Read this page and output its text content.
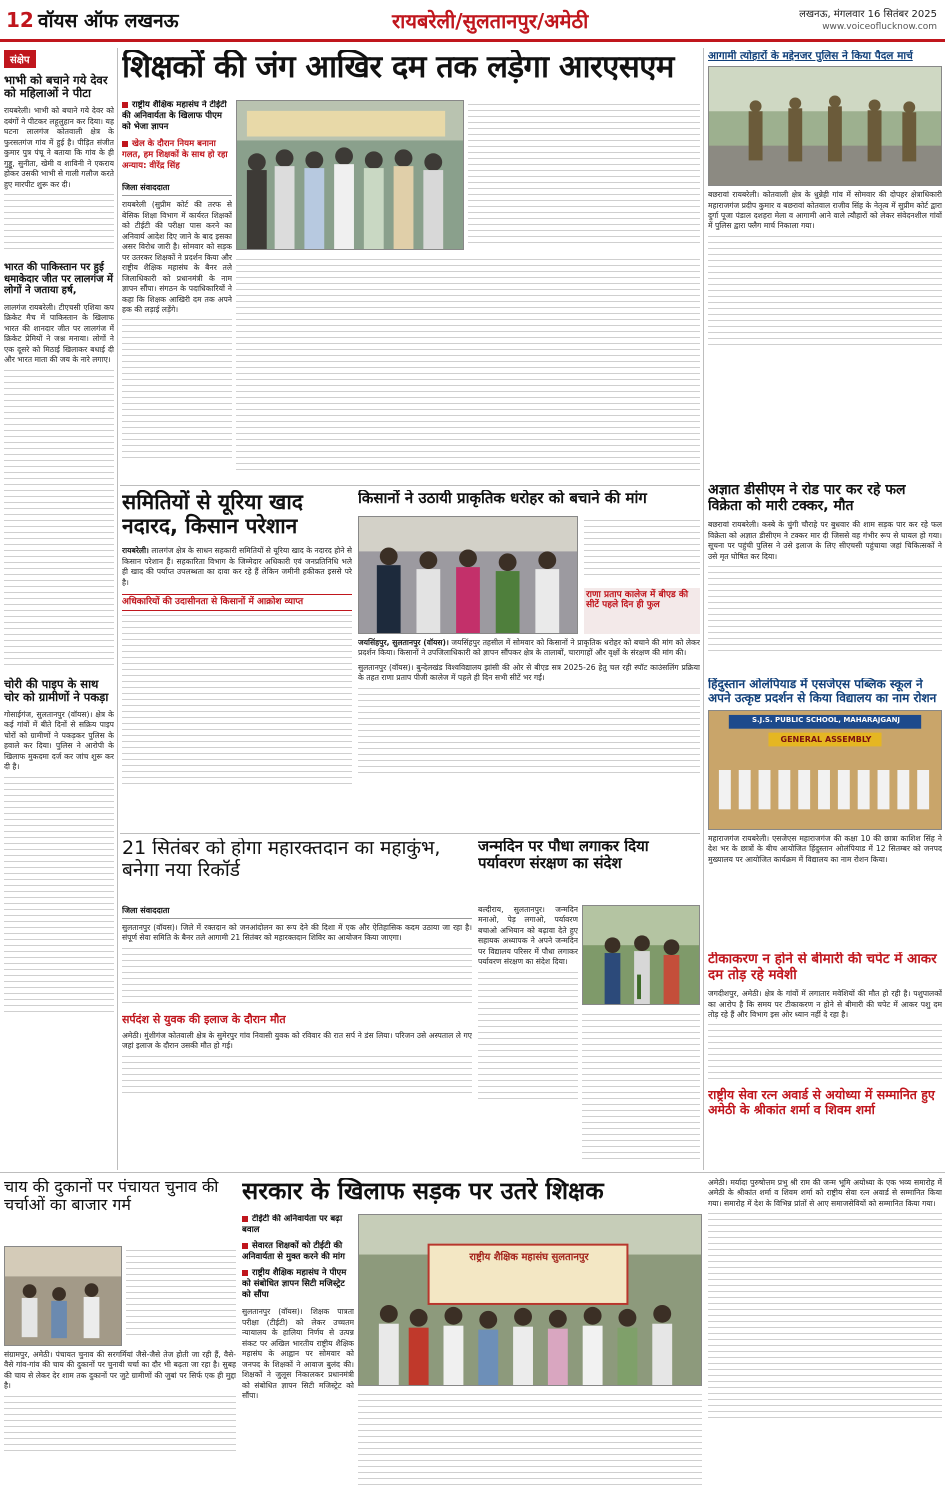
12 वॉयस ऑफ लखनऊ	रायबरेली/सुलतानपुर/अमेठी	लखनऊ, मंगलवार 16 सितंबर 2025
www.voiceoflucknow.com
संक्षेप
भाभी को बचाने गये देवर को महिलाओं ने पीटा
रायबरेली। भाभी को बचाने गये देवर को दबंगों ने पीटकर लहूलुहान कर दिया। यह घटना लालगंज कोतवाली क्षेत्र के फुरसतगंज गांव में हुई है। पीड़ित संजीत कुमार पुत्र पंचू ने बताया कि गांव के ही गुड्डू, सुनीता, खेमी व शाविनी ने एकराय होकर उसकी भाभी से गाली गलौज करते हुए मारपीट शुरू कर दी।
भारत की पाकिस्तान पर हुई धमाकेदार जीत पर लालगंज में लोगों ने जताया हर्ष,
लालगंज रायबरेली। टीएचसी एशिया कप क्रिकेट मैच में पाकिस्तान के खिलाफ भारत की शानदार जीत पर लालगंज में क्रिकेट प्रेमियों ने जश्न मनाया। लोगों ने एक दूसरे को मिठाई खिलाकर बधाई दी और भारत माता की जय के नारे लगाए।
चोरी की पाइप के साथ चोर को ग्रामीणों ने पकड़ा
गोसाईगंज, सुलतानपुर (वॉयस)। क्षेत्र के कई गांवों में बीते दिनों से सक्रिय पाइप चोरों को ग्रामीणों ने पकड़कर पुलिस के हवाले कर दिया। पुलिस ने आरोपी के खिलाफ मुकदमा दर्ज कर जांच शुरू कर दी है।
शिक्षकों की जंग आखिर दम तक लड़ेगा आरएसएम
राष्ट्रीय शैक्षिक महासंघ ने टीईटी की अनिवार्यता के खिलाफ पीएम को भेजा ज्ञापन
खेल के दौरान नियम बनाना गलत, हम शिक्षकों के साथ हो रहा अन्याय: वीरेंद्र सिंह
जिला संवाददाता
रायबरेली (सुप्रीम कोर्ट की तरफ से बेसिक शिक्षा विभाग में कार्यरत शिक्षकों को टीईटी की परीक्षा पास करने का अनिवार्य आदेश दिए जाने के बाद इसका असर विरोध जारी है। सोमवार को सड़क पर उतरकर शिक्षकों ने प्रदर्शन किया और राष्ट्रीय शैक्षिक महासंघ के बैनर तले जिलाधिकारी को प्रधानमंत्री के नाम ज्ञापन सौंपा। संगठन के पदाधिकारियों ने कहा कि शिक्षक आखिरी दम तक अपने हक की लड़ाई लड़ेंगे।
आगामी त्योहारों के मद्देनजर पुलिस ने किया पैदल मार्च
बछरावां रायबरेली। कोतवाली क्षेत्र के धुन्नेही गांव में सोमवार की दोपहर क्षेत्राधिकारी महाराजगंज प्रदीप कुमार व बछरावां कोतवाल राजीव सिंह के नेतृत्व में सुप्रीम कोर्ट द्वारा दुर्गा पूजा पंडाल दशहरा मेला व आगामी आने वाले त्यौहारों को लेकर संवेदनशील गांवों में पुलिस द्वारा फ्लैग मार्च निकाला गया।
अज्ञात डीसीएम ने रोड पार कर रहे फल विक्रेता को मारी टक्कर, मौत
बछरावां रायबरेली। कस्बे के चुंगी चौराहे पर बुधवार की शाम सड़क पार कर रहे फल विक्रेता को अज्ञात डीसीएम ने टक्कर मार दी जिससे वह गंभीर रूप से घायल हो गया। सूचना पर पहुंची पुलिस ने उसे इलाज के लिए सीएचसी पहुंचाया जहां चिकित्सकों ने उसे मृत घोषित कर दिया।
हिंदुस्तान ओलंपियाड में एसजेएस पब्लिक स्कूल ने अपने उत्कृष्ट प्रदर्शन से किया विद्यालय का नाम रोशन
S.J.S. PUBLIC SCHOOL, MAHARAJGANJ
GENERAL ASSEMBLY
महाराजगंज रायबरेली। एसजेएस महाराजगंज की कक्षा 10 की छात्रा काशिश सिंह ने देश भर के छात्रों के बीच आयोजित हिंदुस्तान ओलंपियाड में 12 सितम्बर को जनपद मुख्यालय पर आयोजित कार्यक्रम में विद्यालय का नाम रोशन किया।
टीकाकरण न होने से बीमारी की चपेट में आकर दम तोड़ रहे मवेशी
जगदीशपुर, अमेठी। क्षेत्र के गांवों में लगातार मवेशियों की मौत हो रही है। पशुपालकों का आरोप है कि समय पर टीकाकरण न होने से बीमारी की चपेट में आकर पशु दम तोड़ रहे हैं और विभाग इस ओर ध्यान नहीं दे रहा है।
राष्ट्रीय सेवा रत्न अवार्ड से अयोध्या में सम्मानित हुए अमेठी के श्रीकांत शर्मा व शिवम शर्मा
समितियों से यूरिया खाद नदारद, किसान परेशान
रायबरेली। लालगंज क्षेत्र के साधन सहकारी समितियों से यूरिया खाद के नदारद होने से किसान परेशान हैं। सहकारिता विभाग के जिम्मेदार अधिकारी एवं जनप्रतिनिधि भले ही खाद की पर्याप्त उपलब्धता का दावा कर रहे हैं लेकिन जमीनी हकीकत इससे परे है।
अधिकारियों की उदासीनता से किसानों में आक्रोश व्याप्त
किसानों ने उठायी प्राकृतिक धरोहर को बचाने की मांग
राणा प्रताप कालेज में बीएड की सीटें पहले दिन ही फुल
जयसिंहपुर, सुलतानपुर (वॉयस)। जयसिंहपुर तहसील में सोमवार को किसानों ने प्राकृतिक धरोहर को बचाने की मांग को लेकर प्रदर्शन किया। किसानों ने उपजिलाधिकारी को ज्ञापन सौंपकर क्षेत्र के तालाबों, चारागाहों और वृक्षों के संरक्षण की मांग की।
सुलतानपुर (वॉयस)। बुन्देलखंड विश्वविद्यालय झांसी की ओर से बीएड सत्र 2025-26 हेतु चल रही स्पॉट काउंसलिंग प्रक्रिया के तहत राणा प्रताप पीजी कालेज में पहले ही दिन सभी सीटें भर गईं।
21 सितंबर को होगा महारक्तदान का महाकुंभ, बनेगा नया रिकॉर्ड
जिला संवाददाता
सुलतानपुर (वॉयस)। जिले में रक्तदान को जनआंदोलन का रूप देने की दिशा में एक और ऐतिहासिक कदम उठाया जा रहा है। संपूर्ण सेवा समिति के बैनर तले आगामी 21 सितंबर को महारक्तदान शिविर का आयोजन किया जाएगा।
सर्पदंश से युवक की इलाज के दौरान मौत
अमेठी। मुंशीगंज कोतवाली क्षेत्र के सुमेरपुर गांव निवासी युवक को रविवार की रात सर्प ने डंस लिया। परिजन उसे अस्पताल ले गए जहां इलाज के दौरान उसकी मौत हो गई।
जन्मदिन पर पौधा लगाकर दिया पर्यावरण संरक्षण का संदेश
बल्दीराय, सुलतानपुर। जन्मदिन मनाओ, पेड़ लगाओ, पर्यावरण बचाओ अभियान को बढ़ावा देते हुए सहायक अध्यापक ने अपने जन्मदिन पर विद्यालय परिसर में पौधा लगाकर पर्यावरण संरक्षण का संदेश दिया।
चाय की दुकानों पर पंचायत चुनाव की चर्चाओं का बाजार गर्म
संग्रामपुर, अमेठी। पंचायत चुनाव की सरगर्मियां जैसे-जैसे तेज होती जा रही हैं, वैसे-वैसे गांव-गांव की चाय की दुकानों पर चुनावी चर्चा का दौर भी बढ़ता जा रहा है। सुबह की चाय से लेकर देर शाम तक दुकानों पर जुटे ग्रामीणों की जुबां पर सिर्फ एक ही मुद्दा है।
सरकार के खिलाफ सड़क पर उतरे शिक्षक
टीईटी की अनिवार्यता पर बढ़ा बवाल
सेवारत शिक्षकों को टीईटी की अनिवार्यता से मुक्त करने की मांग
राष्ट्रीय शैक्षिक महासंघ ने पीएम को संबोधित ज्ञापन सिटी मजिस्ट्रेट को सौंपा
सुलतानपुर (वॉयस)। शिक्षक पात्रता परीक्षा (टीईटी) को लेकर उच्चतम न्यायालय के हालिया निर्णय से उत्पन्न संकट पर अखिल भारतीय राष्ट्रीय शैक्षिक महासंघ के आह्वान पर सोमवार को जनपद के शिक्षकों ने आवाज बुलंद की। शिक्षकों ने जुलूस निकालकर प्रधानमंत्री को संबोधित ज्ञापन सिटी मजिस्ट्रेट को सौंपा।
राष्ट्रीय शैक्षिक महासंघ सुलतानपुर
अमेठी। मर्यादा पुरुषोत्तम प्रभु श्री राम की जन्म भूमि अयोध्या के एक भव्य समारोह में अमेठी के श्रीकांत शर्मा व शिवम शर्मा को राष्ट्रीय सेवा रत्न अवार्ड से सम्मानित किया गया। समारोह में देश के विभिन्न प्रांतों से आए समाजसेवियों को सम्मानित किया गया।
